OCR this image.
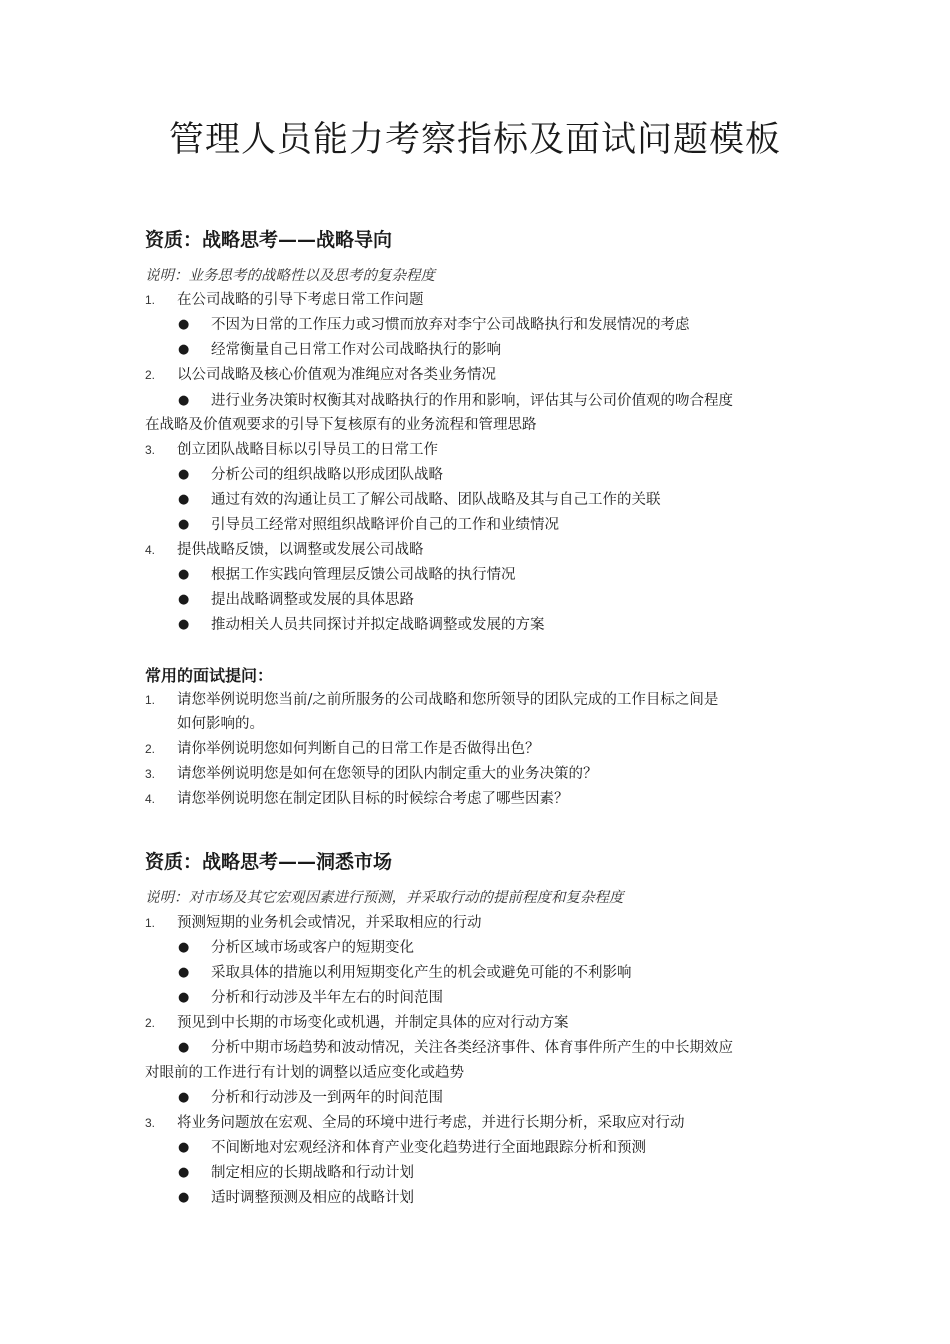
管理人员能力考察指标及面试问题模板
资质：战略思考——战略导向
说明：业务思考的战略性以及思考的复杂程度
1. 在公司战略的引导下考虑日常工作问题
● 不因为日常的工作压力或习惯而放弃对李宁公司战略执行和发展情况的考虑
● 经常衡量自己日常工作对公司战略执行的影响
2. 以公司战略及核心价值观为准绳应对各类业务情况
● 进行业务决策时权衡其对战略执行的作用和影响，评估其与公司价值观的吻合程度
在战略及价值观要求的引导下复核原有的业务流程和管理思路
3. 创立团队战略目标以引导员工的日常工作
● 分析公司的组织战略以形成团队战略
● 通过有效的沟通让员工了解公司战略、团队战略及其与自己工作的关联
● 引导员工经常对照组织战略评价自己的工作和业绩情况
4. 提供战略反馈，以调整或发展公司战略
● 根据工作实践向管理层反馈公司战略的执行情况
● 提出战略调整或发展的具体思路
● 推动相关人员共同探讨并拟定战略调整或发展的方案
常用的面试提问：
1. 请您举例说明您当前/之前所服务的公司战略和您所领导的团队完成的工作目标之间是
如何影响的。
2. 请你举例说明您如何判断自己的日常工作是否做得出色？
3. 请您举例说明您是如何在您领导的团队内制定重大的业务决策的？
4. 请您举例说明您在制定团队目标的时候综合考虑了哪些因素？
资质：战略思考——洞悉市场
说明：对市场及其它宏观因素进行预测，并采取行动的提前程度和复杂程度
1. 预测短期的业务机会或情况，并采取相应的行动
● 分析区域市场或客户的短期变化
● 采取具体的措施以利用短期变化产生的机会或避免可能的不利影响
● 分析和行动涉及半年左右的时间范围
2. 预见到中长期的市场变化或机遇，并制定具体的应对行动方案
● 分析中期市场趋势和波动情况，关注各类经济事件、体育事件所产生的中长期效应
对眼前的工作进行有计划的调整以适应变化或趋势
● 分析和行动涉及一到两年的时间范围
3. 将业务问题放在宏观、全局的环境中进行考虑，并进行长期分析，采取应对行动
● 不间断地对宏观经济和体育产业变化趋势进行全面地跟踪分析和预测
● 制定相应的长期战略和行动计划
● 适时调整预测及相应的战略计划
